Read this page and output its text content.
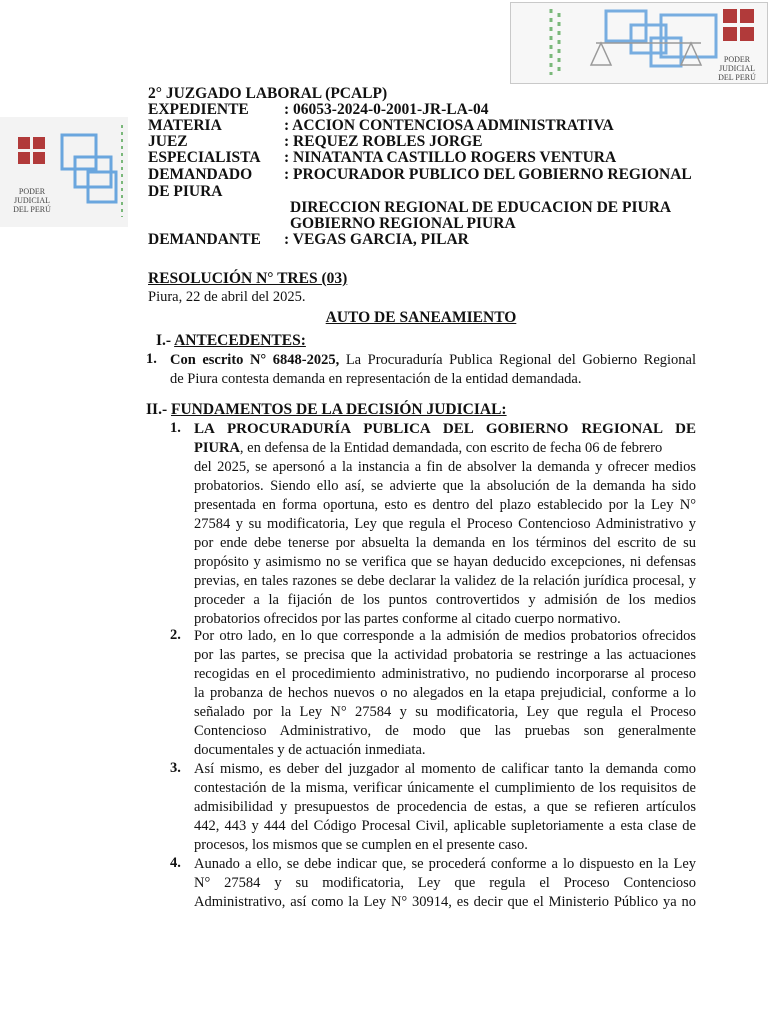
PODER JUDICIAL
DEL PERÚ
PODER JUDICIAL
DEL PERÚ
2° JUZGADO LABORAL (PCALP)
EXPEDIENTE : 06053-2024-0-2001-JR-LA-04
MATERIA	: ACCION CONTENCIOSA ADMINISTRATIVA
JUEZ	: REQUEZ ROBLES JORGE
ESPECIALISTA : NINATANTA CASTILLO ROGERS VENTURA
DEMANDADO : PROCURADOR PUBLICO DEL GOBIERNO REGIONAL
DE PIURA
DIRECCION REGIONAL DE EDUCACION DE PIURA
GOBIERNO REGIONAL PIURA
DEMANDANTE : VEGAS GARCIA, PILAR
RESOLUCIÓN N° TRES (03)
Piura, 22 de abril del 2025.
AUTO DE SANEAMIENTO
I.- ANTECEDENTES:
1. Con escrito N° 6848-2025, La Procuraduría Publica Regional del Gobierno Regional
de Piura contesta demanda en representación de la entidad demandada.
II.- FUNDAMENTOS DE LA DECISIÓN JUDICIAL:
1. LA PROCURADURÍA PUBLICA DEL GOBIERNO REGIONAL DE
PIURA, en defensa de la Entidad demandada, con escrito de fecha 06 de febrero
del 2025, se apersonó a la instancia a fin de absolver la demanda y ofrecer medios
probatorios. Siendo ello así, se advierte que la absolución de la demanda ha sido
presentada en forma oportuna, esto es dentro del plazo establecido por la Ley N°
27584 y su modificatoria, Ley que regula el Proceso Contencioso Administrativo y
por ende debe tenerse por absuelta la demanda en los términos del escrito de su
propósito y asimismo no se verifica que se hayan deducido excepciones, ni defensas
previas, en tales razones se debe declarar la validez de la relación jurídica procesal, y
proceder a la fijación de los puntos controvertidos y admisión de los medios
probatorios ofrecidos por las partes conforme al citado cuerpo normativo.
2. Por otro lado, en lo que corresponde a la admisión de medios probatorios ofrecidos
por las partes, se precisa que la actividad probatoria se restringe a las actuaciones
recogidas en el procedimiento administrativo, no pudiendo incorporarse al proceso
la probanza de hechos nuevos o no alegados en la etapa prejudicial, conforme a lo
señalado por la Ley N° 27584 y su modificatoria, Ley que regula el Proceso
Contencioso Administrativo, de modo que las pruebas son generalmente
documentales y de actuación inmediata.
3. Así mismo, es deber del juzgador al momento de calificar tanto la demanda como
contestación de la misma, verificar únicamente el cumplimiento de los requisitos de
admisibilidad y presupuestos de procedencia de estas, a que se refieren artículos
442, 443 y 444 del Código Procesal Civil, aplicable supletoriamente a esta clase de
procesos, los mismos que se cumplen en el presente caso.
4. Aunado a ello, se debe indicar que, se procederá conforme a lo dispuesto en la Ley
N° 27584 y su modificatoria, Ley que regula el Proceso Contencioso
Administrativo, así como la Ley N° 30914, es decir que el Ministerio Público ya no
